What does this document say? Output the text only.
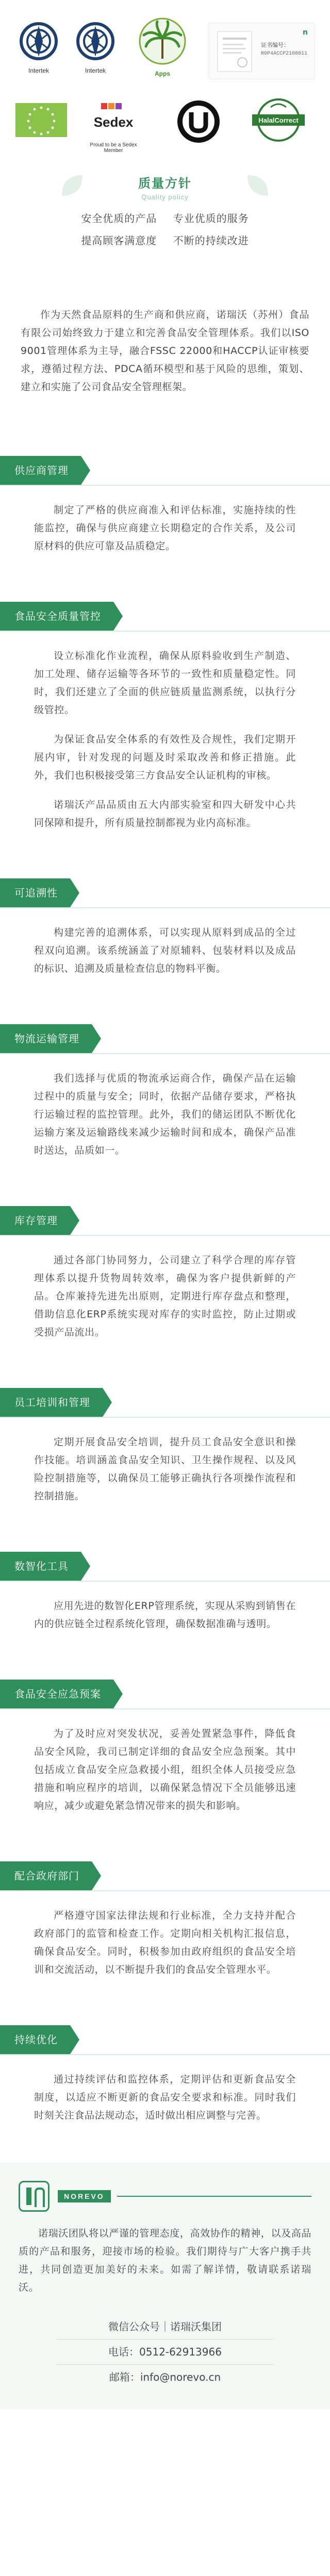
Intertek	Intertek	Apps
证书编号：
R0P4ACCP2108011
n
Sedex
Proud to be a Sedex Member
HalalCorrect
质量方针
Quality policy
安全优质的产品 专业优质的服务
提高顾客满意度 不断的持续改进

作为天然食品原料的生产商和供应商，诺瑞沃（苏州）食品有限公司始终致力于建立和完善食品安全管理体系。我们以ISO 9001管理体系为主导，融合FSSC 22000和HACCP认证审核要求，遵循过程方法、PDCA循环模型和基于风险的思维，策划、建立和实施了公司食品安全管理框架。

供应商管理

制定了严格的供应商准入和评估标准，实施持续的性能监控，确保与供应商建立长期稳定的合作关系，及公司原材料的供应可靠及品质稳定。

食品安全质量管控

设立标准化作业流程，确保从原料验收到生产制造、加工处理、储存运输等各环节的一致性和质量稳定性。同时，我们还建立了全面的供应链质量监测系统，以执行分级管控。

为保证食品安全体系的有效性及合规性，我们定期开展内审，针对发现的问题及时采取改善和修正措施。此外，我们也积极接受第三方食品安全认证机构的审核。

诺瑞沃产品品质由五大内部实验室和四大研发中心共同保障和提升，所有质量控制都视为业内高标准。

可追溯性

构建完善的追溯体系，可以实现从原料到成品的全过程双向追溯。该系统涵盖了对原辅料、包装材料以及成品的标识、追溯及质量检查信息的物料平衡。

物流运输管理

我们选择与优质的物流承运商合作，确保产品在运输过程中的质量与安全；同时，依据产品储存要求，严格执行运输过程的监控管理。此外，我们的储运团队不断优化运输方案及运输路线来减少运输时间和成本，确保产品准时送达，品质如一。

库存管理

通过各部门协同努力，公司建立了科学合理的库存管理体系以提升货物周转效率，确保为客户提供新鲜的产品。仓库兼持先进先出原则，定期进行库存盘点和整理，借助信息化ERP系统实现对库存的实时监控，防止过期或受损产品流出。

员工培训和管理

定期开展食品安全培训，提升员工食品安全意识和操作技能。培训涵盖食品安全知识、卫生操作规程、以及风险控制措施等，以确保员工能够正确执行各项操作流程和控制措施。

数智化工具

应用先进的数智化ERP管理系统，实现从采购到销售在内的供应链全过程系统化管理，确保数据准确与透明。

食品安全应急预案

为了及时应对突发状况，妥善处置紧急事件，降低食品安全风险，我司已制定详细的食品安全应急预案。其中包括成立食品安全应急救援小组，组织全体人员接受应急措施和响应程序的培训，以确保紧急情况下全员能够迅速响应，减少或避免紧急情况带来的损失和影响。

配合政府部门

严格遵守国家法律法规和行业标准，全力支持并配合政府部门的监管和检查工作。定期向相关机构汇报信息，确保食品安全。同时，积极参加由政府组织的食品安全培训和交流活动，以不断提升我们的食品安全管理水平。

持续优化

通过持续评估和监控体系，定期评估和更新食品安全制度，以适应不断更新的食品安全要求和标准。同时我们时刻关注食品法规动态，适时做出相应调整与完善。

NOREVO

诺瑞沃团队将以严谨的管理态度，高效协作的精神，以及高品质的产品和服务，迎接市场的检验。我们期待与广大客户携手共进，共同创造更加美好的未来。如需了解详情，敬请联系诺瑞沃。

微信公众号｜诺瑞沃集团
电话：0512-62913966
邮箱：info@norevo.cn
